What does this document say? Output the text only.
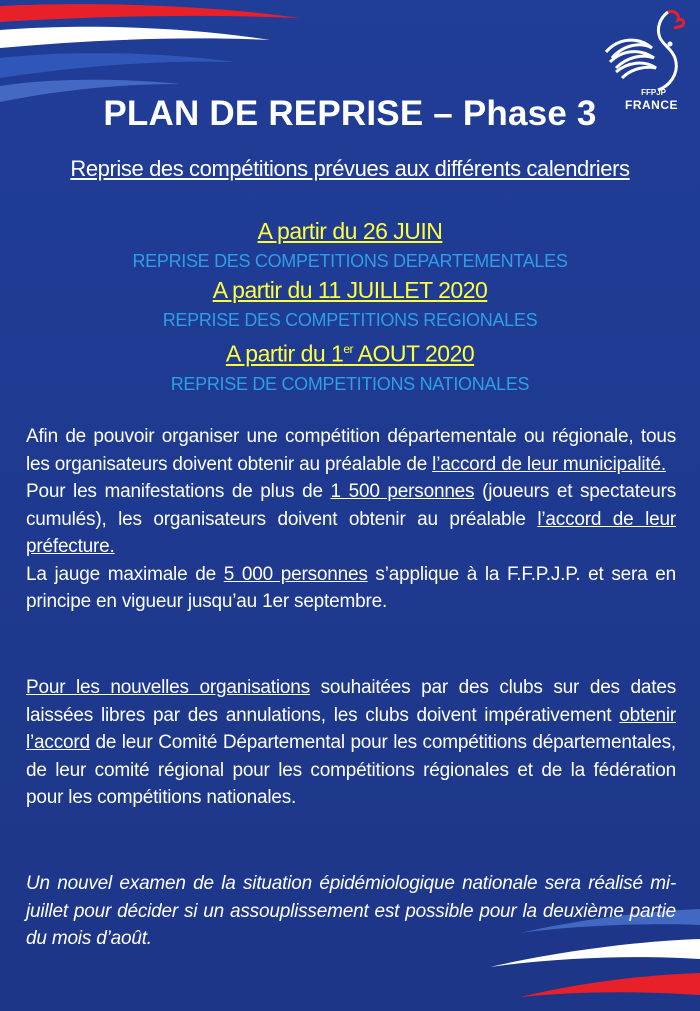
FFPJP
FRANCE
PLAN DE REPRISE – Phase 3
Reprise des compétitions prévues aux différents calendriers
A partir du 26 JUIN
REPRISE DES COMPETITIONS DEPARTEMENTALES
A partir du 11 JUILLET 2020
REPRISE DES COMPETITIONS REGIONALES
A partir du 1er AOUT 2020
REPRISE DE COMPETITIONS NATIONALES
Afin de pouvoir organiser une compétition départementale ou régionale, tous les organisateurs doivent obtenir au préalable de l’accord de leur municipalité.
Pour les manifestations de plus de 1 500 personnes (joueurs et spectateurs cumulés), les organisateurs doivent obtenir au préalable l’accord de leur préfecture.
La jauge maximale de 5 000 personnes s’applique à la F.F.P.J.P. et sera en principe en vigueur jusqu’au 1er septembre.
Pour les nouvelles organisations souhaitées par des clubs sur des dates laissées libres par des annulations, les clubs doivent impérativement obtenir l’accord de leur Comité Départemental pour les compétitions départementales, de leur comité régional pour les compétitions régionales et de la fédération pour les compétitions nationales.
Un nouvel examen de la situation épidémiologique nationale sera réalisé mi-juillet pour décider si un assouplissement est possible pour la deuxième partie du mois d’août.
